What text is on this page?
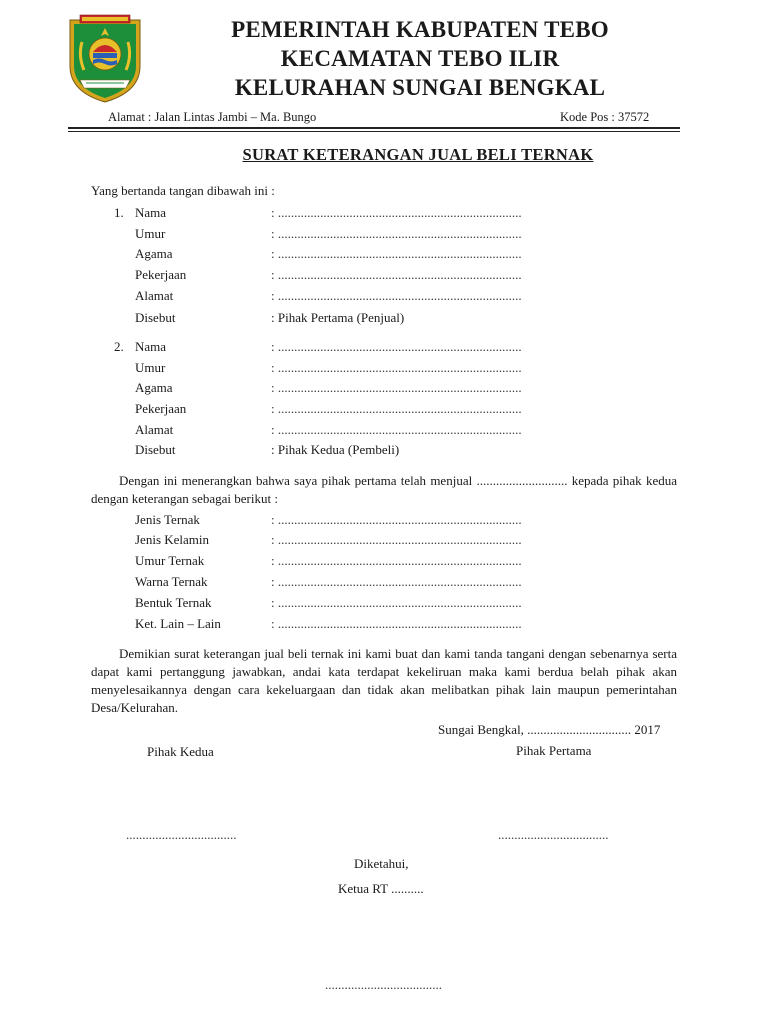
PEMERINTAH KABUPATEN TEBO
KECAMATAN TEBO ILIR
KELURAHAN SUNGAI BENGKAL
Alamat : Jalan Lintas Jambi – Ma. Bungo	Kode Pos : 37572
SURAT KETERANGAN JUAL BELI TERNAK
Yang bertanda tangan dibawah ini :
1. Nama	: ...........................................................................
Umur	: ...........................................................................
Agama	: ...........................................................................
Pekerjaan	: ...........................................................................
Alamat	: ...........................................................................
Disebut	: Pihak Pertama (Penjual)
2. Nama	: ...........................................................................
Umur	: ...........................................................................
Agama	: ...........................................................................
Pekerjaan	: ...........................................................................
Alamat	: ...........................................................................
Disebut	: Pihak Kedua (Pembeli)

Dengan ini menerangkan bahwa saya pihak pertama telah menjual ............................ kepada pihak kedua dengan keterangan sebagai berikut :

Jenis Ternak	: ...........................................................................
Jenis Kelamin	: ...........................................................................
Umur Ternak	: ...........................................................................
Warna Ternak	: ...........................................................................
Bentuk Ternak	: ...........................................................................
Ket. Lain – Lain	: ...........................................................................

Demikian surat keterangan jual beli ternak ini kami buat dan kami tanda tangani dengan sebenarnya serta dapat kami pertanggung jawabkan, andai kata terdapat kekeliruan maka kami berdua belah pihak akan menyelesaikannya dengan cara kekeluargaan dan tidak akan melibatkan pihak lain maupun pemerintahan Desa/Kelurahan.

Sungai Bengkal, ................................ 2017
Pihak Kedua	Pihak Pertama
..................................	..................................
Diketahui,
Ketua RT ..........
....................................
